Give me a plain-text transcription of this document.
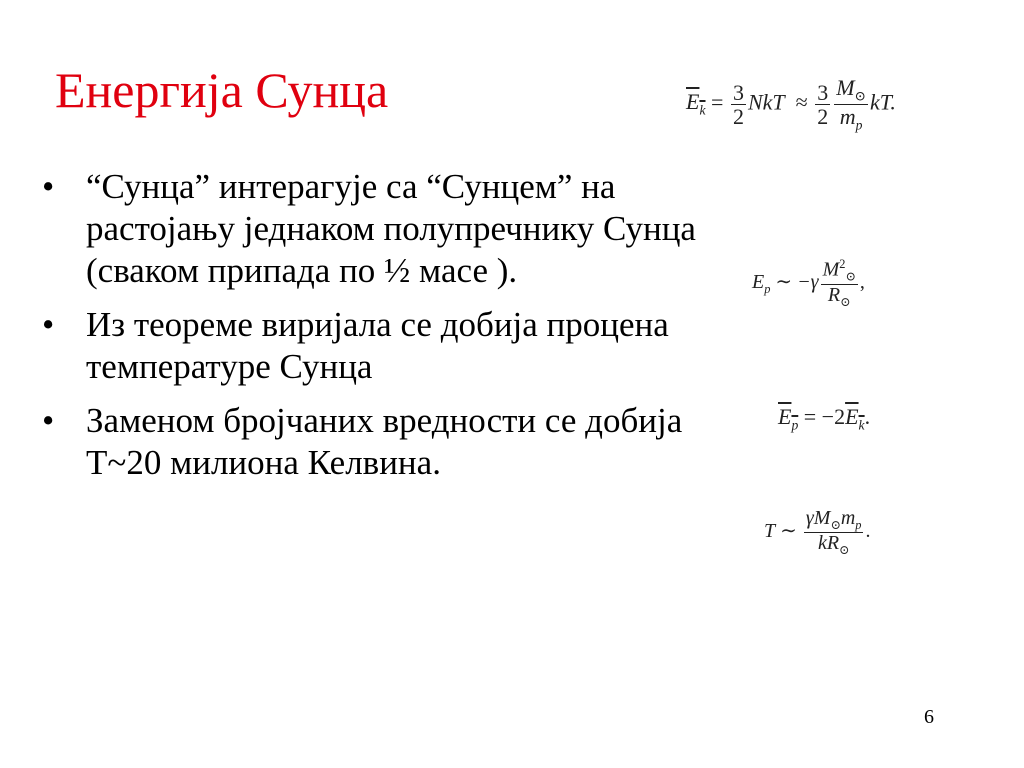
Енергија Сунца
• “Сунца” интерагује са “Сунцем” на растојању једнаком полупречнику Сунца (сваком припада по ½ масе ).
• Из теореме виријала се добија процена температуре Сунца
• Заменом бројчаних вредности се добија T~20 милиона Келвина.
$E_k = \frac{3}{2}$ NkT ≈ $\frac{3}{2} \frac{M_⊙}{m_p}$ kT.
$E_p$ ∼ $-\gamma \frac{M^2_⊙}{R_⊙}$ ,
$E_p = -2E_k$.
T ∼ $\frac{\gamma M_⊙m_p}{kR_⊙}$ .
6
